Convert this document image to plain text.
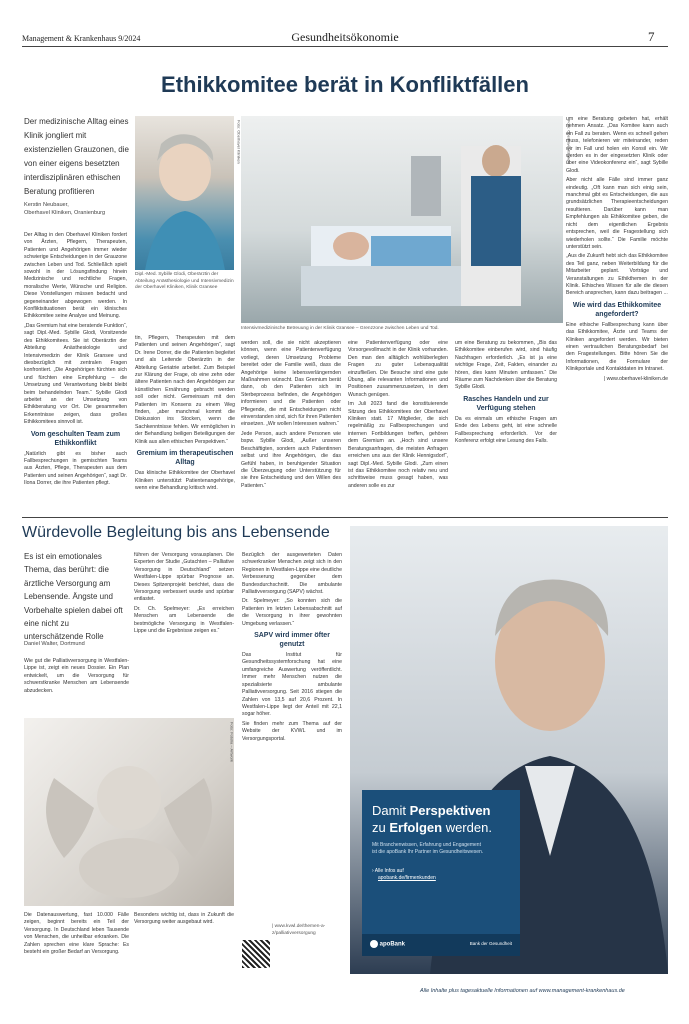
Management & Krankenhaus 9/2024	Gesundheitsökonomie	7
Ethikkomitee berät in Konfliktfällen
Der medizinische Alltag eines Klinik jongliert mit existenziellen Grauzonen, die von einer eigens besetzten interdisziplinären ethischen Beratung profitieren
Kerstin Neubauer,
Oberhavel Kliniken, Oranienburg
Foto: Oberhavel Kliniken
Dipl.-Med. Sybille Glodi, Oberärztin der Abteilung Anästhesiologie und Intensivmedizin der Oberhavel Kliniken, Klinik Gransee
Foto: Oberhavel Kliniken
Intensivmedizinische Betreuung in der Klinik Gransee – Grenzzone zwischen Leben und Tod.

Der Alltag in den Oberhavel Kliniken fordert von Ärzten, Pflegern, Therapeuten, Patienten und Angehörigen immer wieder schwierige Entscheidungen in der Grauzone zwischen Leben und Tod. Schließlich spielt sowohl in der Lösungsfindung hinein Medizinische und rechtliche Fragen, moralische Werte, Wünsche und Religion. Diese Vorstellungen müssen bedacht und gegeneinander abgewogen werden. In Konfliktsituationen berät ein klinisches Ethikkomitee seine Analyse und Meinung.

„Das Gremium hat eine beratende Funktion“, sagt Dipl.-Med. Sybille Glodi, Vorsitzende des Ethikkomitees. Sie ist Oberärztin der Abteilung Anästhesiologie und Intensivmedizin der Klinik Gransee und diesbezüglich mit zentralen Fragen konfrontiert. „Die Angehörigen fürchten sich und fürchten eine Empfehlung – die Umsetzung und Verantwortung bleibt bleibt beim behandelnden Team.“ Sybille Glodi arbeitet an der Umsetzung von Ethikberatung vor Ort. Die gesammelten Erkenntnisse zeigen, dass großes Ethikkomitees sinnvoll ist.

Vom geschulten Team zum Ethikkonflikt

„Natürlich gibt es bisher auch Fallbesprechungen in gemischten Teams aus Ärzten, Pflege, Therapeuten aus dem Patienten und seinen Angehörigen“, sagt Dr. Ilona Dorrer, die ihre Patienten pflegt.

tin, Pflegern, Therapeuten mit dem Patienten und seinen Angehörigen“, sagt Dr. Irene Dorrer, die die Patienten begleitet und als Leitende Oberärztin in der Abteilung Geriatrie arbeitet. Zum Beispiel zur Klärung der Frage, ob eine zehn oder ältere Patienten nach den Angehörigen zur künstlichen Ernährung gebracht werden soll oder nicht. Gemeinsam mit den Patienten im Konsens zu einem Weg finden, „aber manchmal kommt die Diskussion ins Stocken, wenn die Sachkenntnisse fehlen. Wir ermöglichen in der Behandlung beiligen Beteiligungen der Klinik aus allen ethischen Perspektiven.“

Gremium im therapeutischen Alltag

Das klinische Ethikkomitee der Oberhavel Kliniken unterstützt Patientenangehörige, wenn eine Behandlung kritisch wird.

werden soll, die sie nicht akzeptieren können, wenn eine Patientenverfügung vorliegt, deren Umsetzung Probleme bereitet oder die Familie weiß, dass die Angehörige keine lebensverlängernden Maßnahmen wünscht. Das Gremium berät dann, ob den Patienten sich im Sterbeprozess befinden, die Angehörigen informieren und die Patienten oder Pflegende, die mit Entscheidungen nicht einverstanden sind, sich für ihren Patienten einsetzen. „Wir wollen Interessen wahren.“

Jede Person, auch andere Personen wie bspw. Sybille Glodi, „Außer unseren Beschäftigten, sondern auch Patientinnen selbst und ihre Angehörigen, die das Gefühl haben, in beruhigender Situation die Überzeugung oder Unterstützung für sie ihre Entscheidung und den Willen des Patienten.“

eine Patientenverfügung oder eine Vorsorgevollmacht in der Klinik vorhanden. Den man den alltäglich wohlüberlegten Fragen zu guter Lebensqualität einzufließen. Die Besuche sind eine gute Übung, alle relevanten Informationen und Positionen zusammenzusetzen, in dem Wunsch genügen.

Im Juli 2023 fand die konstituierende Sitzung des Ethikkomitees der Oberhavel Kliniken statt. 17 Mitglieder, die sich regelmäßig zu Fallbesprechungen und internen Fortbildungen treffen, gehören dem Gremium an. „Hoch sind unsere Beratungsanfragen, die meisten Anfragen erreichen uns aus der Klinik Hennigsdorf“, sagt Dipl.-Med. Sybille Glodi. „Zum einen ist das Ethikkomitee noch relativ neu und schrittweise muss gesagt haben, was anderen solle es zur

um eine Beratung zu bekommen, „Bis das Ethikkomitee einberufen wird, sind häufig Nachfragen erforderlich. „Es ist ja eine wichtige Frage, Zeit, Fakten, einander zu hören, dies kann Minuten umfassen.“ Die Räume zum Nachdenken über die Beratung Sybille Glodi.

Rasches Handeln und zur Verfügung stehen

Da es einmals um ethische Fragen am Ende des Lebens geht, ist eine schnelle Fallbesprechung erforderlich. Vor der Konferenz erfolgt eine Lesung des Falls.

um eine Beratung gebeten hat, erhält nehmen Ansatz. „Das Komitee kann auch ein Fall zu beraten. Wenn es schnell gehen muss, telefonieren wir miteinander, reden wir im Fall und holen ein Konsil ein. Wir werden es in der eingesetzten Klinik oder über eine Videokonferenz ein“, sagt Sybille Glodi.

Aber nicht alle Fälle sind immer ganz eindeutig. „Oft kann man sich einig sein, manchmal gibt es Entscheidungen, die aus grundsätzlichen Therapieentscheidungen resultieren. Darüber kann man Empfehlungen als Ethikkomitee geben, die nicht dem eigentlichen Ergebnis entsprechen, weil die Fragestellung sich wiederholen sollte.“ Die Familie möchte unterstützt sein.

„Aus die Zukunft hebt sich das Ethikkomitee des Teil ganz, neben Weiterbildung für die Mitarbeiter geplant. Vorträge und Veranstaltungen zu Ethikthemen in der Klinik. Ethisches Wissen für alle die diesen Bereich ansprechen, kann dazu beitragen ...

Wie wird das Ethikkomitee angefordert?

Eine ethische Fallbesprechung kann über das Ethikkomitee, Ärzte und Teams der Kliniken angefordert werden. Wir bieten einen vertraulichen Beratungsbedarf bei den Fragestellungen. Bitte hören Sie die Informationen, die Formulare der Klinikportale und Kontaktdaten im Intranet.

| www.oberhavel-kliniken.de

Würdevolle Begleitung bis ans Lebensende
Es ist ein emotionales Thema, das berührt: die ärztliche Versorgung am Lebensende. Ängste und Vorbehalte spielen dabei oft eine nicht zu unterschätzende Rolle
Daniel Walter, Dortmund

Wie gut die Palliativversorgung in Westfalen-Lippe ist, zeigt ein neues Dossier. Ein Plan entwickelt, um die Versorgung für schwerstkranke Menschen am Lebensende abzudecken.

Foto: Fotolia – Artwork

Die Datenauswertung, fast 10.000 Fälle zeigen, beginnt bereits ein Teil der Versorgung. In Deutschland leben Tausende von Menschen, die unheilbar erkranken. Die Zahlen sprechen eine klare Sprache: Es besteht ein großer Bedarf an Versorgung.

führen der Versorgung vorausplanen. Die Experten der Studie „Gutachten – Palliative Versorgung in Deutschland“ setzen Westfalen-Lippe spürbar Prognose an. Dieses Spitzenprojekt berichtet, dass die Versorgung verbessert wurde und spürbar entlastet.

Dr. Ch. Spelmeyer: „Es erreichen Menschen am Lebensende die bestmögliche Versorgung in Westfalen-Lippe und die Ergebnisse zeigen es.“

Besonders wichtig ist, dass in Zukunft die Versorgung weiter ausgebaut wird.

Bezüglich der ausgewerteten Daten schwerkranker Menschen zeigt sich in den Regionen in Westfalen-Lippe eine deutliche Verbesserung gegenüber dem Bundesdurchschnitt. Die ambulante Palliativversorgung (SAPV) wächst.

Dr. Spelmeyer: „So konnten sich die Patienten im letzten Lebensabschnitt auf die Versorgung in ihrer gewohnten Umgebung verlassen.“

SAPV wird immer öfter genutzt

Das Institut für Gesundheitssystemforschung hat eine umfangreiche Auswertung veröffentlicht. Immer mehr Menschen nutzen die spezialisierte ambulante Palliativversorgung. Seit 2016 stiegen die Zahlen von 13,5 auf 20,6 Prozent. In Westfalen-Lippe liegt der Anteil mit 22,1 sogar höher.

Sie finden mehr zum Thema auf der Website der KVWL und im Versorgungsportal.

| www.kvwl.de/themen-a-z/palliativversorgung
Damit Perspektiven
zu Erfolgen werden.
Mit Branchenwissen, Erfahrung und Engagement
ist die apoBank Ihr Partner im Gesundheitswesen.
› Alle Infos auf
apobank.de/firmenkunden
apoBank	Bank der Gesundheit
Alle Inhalte plus tagesaktuelle Informationen auf www.management-krankenhaus.de
